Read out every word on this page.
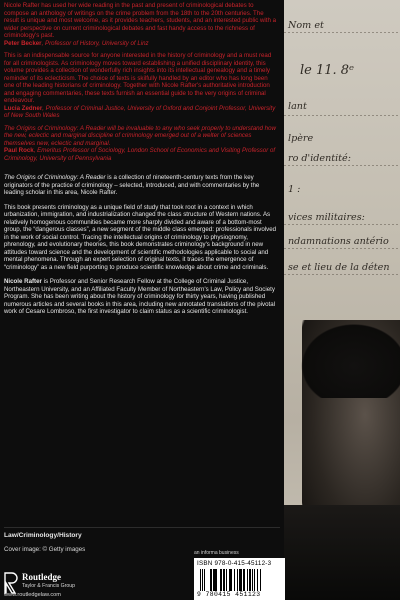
Nom et
le 11. 8ᵉ
lant
lpère
ro d'identité:
1 :
vices militaires:
ndamnations antério
se et lieu de la déten
Nicole Rafter has used her wide reading in the past and present of criminological debates to compose an anthology of writings on the crime problem from the 18th to the 20th centuries. The result is unique and most welcome, as it provides teachers, students, and an interested public with a wider perspective on current criminological debates and fast handy access to the richness of criminology's past.
Peter Becker, Professor of History, University of Linz
This is an indispensable source for anyone interested in the history of criminology and a must read for all criminologists. As criminology moves toward establishing a unified disciplinary identity, this volume provides a collection of wonderfully rich insights into its intellectual genealogy and a timely reminder of its eclecticism. The choice of texts is skilfully handled by an editor who has long been one of the leading historians of criminology. Together with Nicole Rafter's authoritative introduction and engaging commentaries, these texts furnish an essential guide to the very origins of criminal endeavour.
Lucia Zedner, Professor of Criminal Justice, University of Oxford and Conjoint Professor, University of New South Wales
The Origins of Criminology: A Reader will be invaluable to any who seek properly to understand how the new, eclectic and marginal discipline of criminology emerged out of a welter of sciences themselves new, eclectic and marginal.
Paul Rock, Emeritus Professor of Sociology, London School of Economics and Visiting Professor of Criminology, University of Pennsylvania

The Origins of Criminology: A Reader is a collection of nineteenth-century texts from the key originators of the practice of criminology – selected, introduced, and with commentaries by the leading scholar in this area, Nicole Rafter.

This book presents criminology as a unique field of study that took root in a context in which urbanization, immigration, and industrialization changed the class structure of Western nations. As relatively homogenous communities became more sharply divided and aware of a bottom-most group, the “dangerous classes”, a new segment of the middle class emerged: professionals involved in the work of social control. Tracing the intellectual origins of criminology to physiognomy, phrenology, and evolutionary theories, this book demonstrates criminology's background in new attitudes toward science and the development of scientific methodologies applicable to social and mental phenomena. Through an expert selection of original texts, it traces the emergence of “criminology” as a new field purporting to produce scientific knowledge about crime and criminals.

Nicole Rafter is Professor and Senior Research Fellow at the College of Criminal Justice, Northeastern University, and an Affiliated Faculty Member of Northeastern's Law, Policy and Society Program. She has been writing about the history of criminology for thirty years, having published numerous articles and several books in this area, including new annotated translations of the pivotal work of Cesare Lombroso, the first investigator to claim status as a scientific criminologist.

Law/Criminology/History
Cover image: © Getty images	an informa business
Routledge
Taylor & Francis Group
www.routledgelaw.com
ISBN 978-0-415-45112-3
9 780415 451123
